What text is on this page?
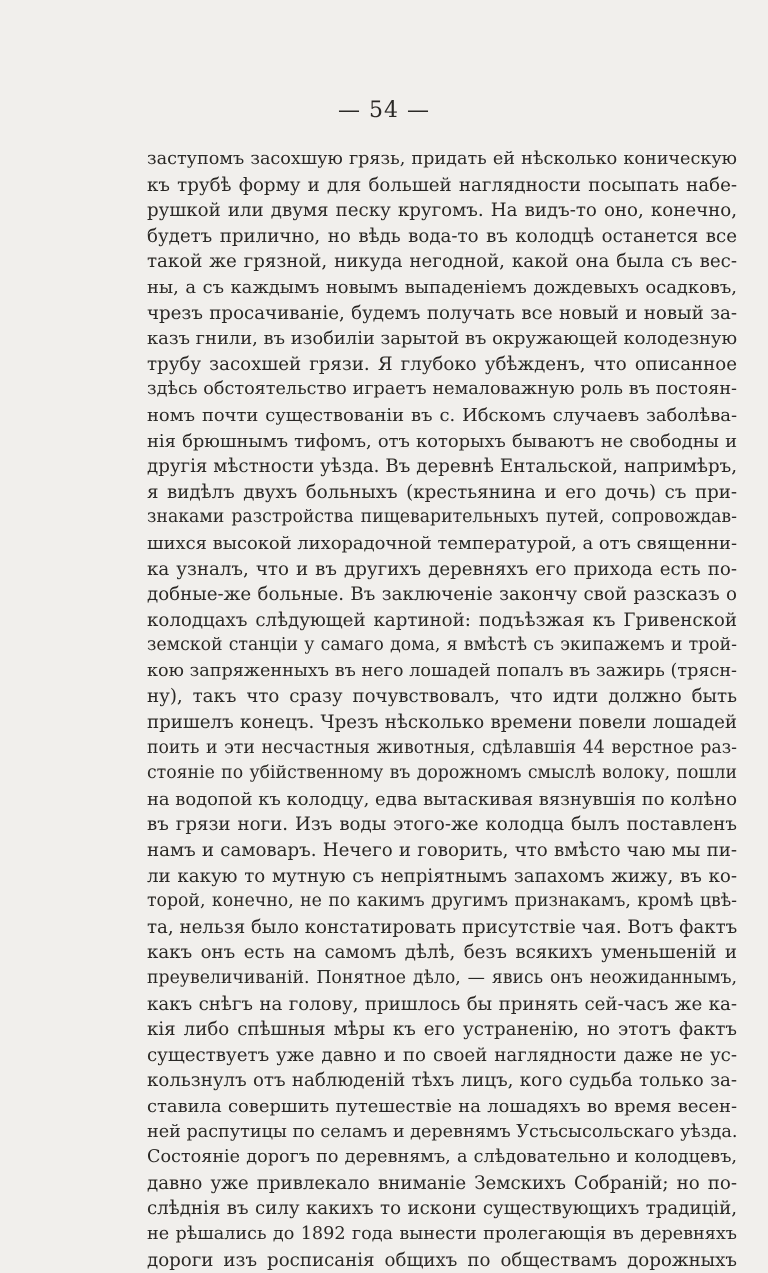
— 54 —
заступомъ засохшую грязь, придать ей нѣсколько коническую
къ трубѣ форму и для большей наглядности посыпать набе-
рушкой или двумя песку кругомъ. На видъ-то оно, конечно,
будетъ прилично, но вѣдь вода-то въ колодцѣ останется все
такой же грязной, никуда негодной, какой она была съ вес-
ны, а съ каждымъ новымъ выпаденіемъ дождевыхъ осадковъ,
чрезъ просачиваніе, будемъ получать все новый и новый за-
казъ гнили, въ изобиліи зарытой въ окружающей колодезную
трубу засохшей грязи. Я глубоко убѣжденъ, что описанное
здѣсь обстоятельство играетъ немаловажную роль въ постоян-
номъ почти существованіи въ с. Ибскомъ случаевъ заболѣва-
нія брюшнымъ тифомъ, отъ которыхъ бываютъ не свободны и
другія мѣстности уѣзда. Въ деревнѣ Ентальской, напримѣръ,
я видѣлъ двухъ больныхъ (крестьянина и его дочь) съ при-
знаками разстройства пищеварительныхъ путей, сопровождав-
шихся высокой лихорадочной температурой, а отъ священни-
ка узналъ, что и въ другихъ деревняхъ его прихода есть по-
добные-же больные. Въ заключеніе закончу свой разсказъ о
колодцахъ слѣдующей картиной: подъѣзжая къ Гривенской
земской станціи у самаго дома, я вмѣстѣ съ экипажемъ и трой-
кою запряженныхъ въ него лошадей попалъ въ зажирь (трясн-
ну), такъ что сразу почувствовалъ, что идти должно быть
пришелъ конецъ. Чрезъ нѣсколько времени повели лошадей
поить и эти несчастныя животныя, сдѣлавшія 44 верстное раз-
стояніе по убійственному въ дорожномъ смыслѣ волоку, пошли
на водопой къ колодцу, едва вытаскивая вязнувшія по колѣно
въ грязи ноги. Изъ воды этого-же колодца былъ поставленъ
намъ и самоваръ. Нечего и говорить, что вмѣсто чаю мы пи-
ли какую то мутную съ непріятнымъ запахомъ жижу, въ ко-
торой, конечно, не по какимъ другимъ признакамъ, кромѣ цвѣ-
та, нельзя было констатировать присутствіе чая. Вотъ фактъ
какъ онъ есть на самомъ дѣлѣ, безъ всякихъ уменьшеній и
преувеличиваній. Понятное дѣло, — явись онъ неожиданнымъ,
какъ снѣгъ на голову, пришлось бы принять сей-часъ же ка-
кія либо спѣшныя мѣры къ его устраненію, но этотъ фактъ
существуетъ уже давно и по своей наглядности даже не ус-
кользнулъ отъ наблюденій тѣхъ лицъ, кого судьба только за-
ставила совершить путешествіе на лошадяхъ во время весен-
ней распутицы по селамъ и деревнямъ Устьсысольскаго уѣзда.
Состояніе дорогъ по деревнямъ, а слѣдовательно и колодцевъ,
давно уже привлекало вниманіе Земскихъ Собраній; но по-
слѣднія въ силу какихъ то искони существующихъ традицій,
не рѣшались до 1892 года вынести пролегающія въ деревняхъ
дороги изъ росписанія общихъ по обществамъ дорожныхъ
